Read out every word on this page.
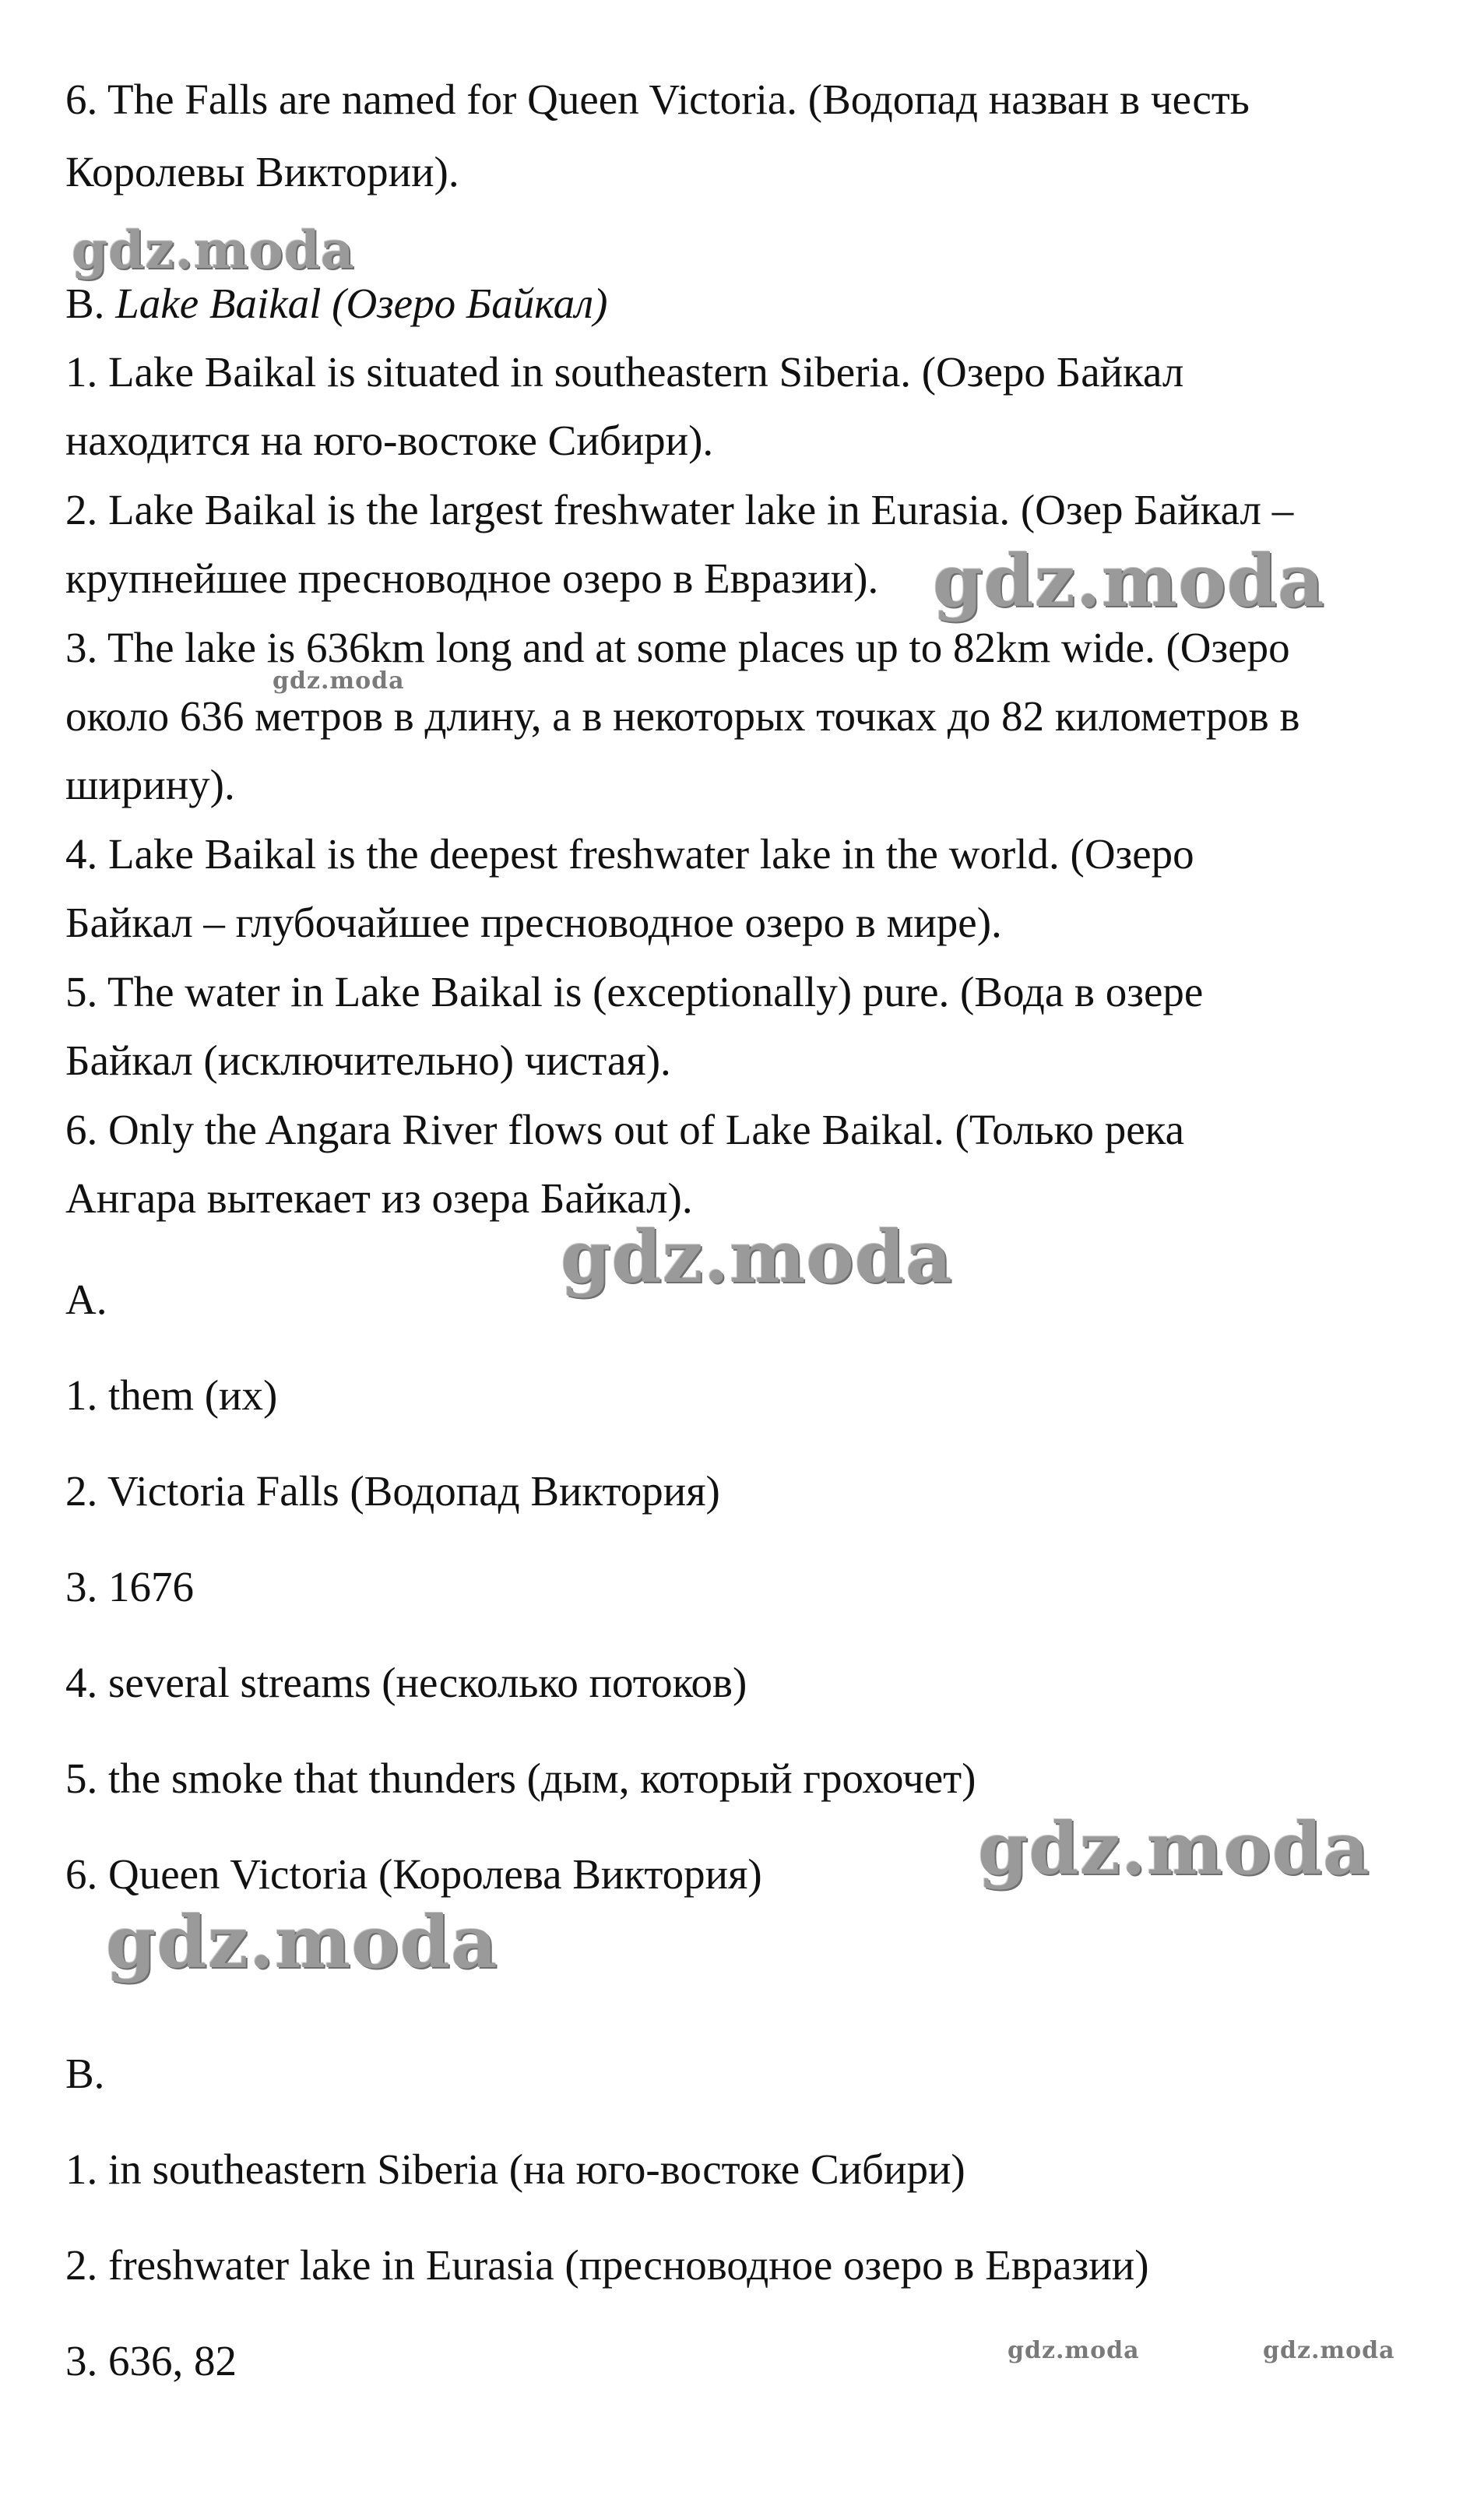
6. The Falls are named for Queen Victoria. (Водопад назван в честь
Королевы Виктории).
B. Lake Baikal (Озеро Байкал)
1. Lake Baikal is situated in southeastern Siberia. (Озеро Байкал
находится на юго-востоке Сибири).
2. Lake Baikal is the largest freshwater lake in Eurasia. (Озер Байкал –
крупнейшее пресноводное озеро в Евразии).
3. The lake is 636km long and at some places up to 82km wide. (Озеро
около 636 метров в длину, а в некоторых точках до 82 километров в
ширину).
4. Lake Baikal is the deepest freshwater lake in the world. (Озеро
Байкал – глубочайшее пресноводное озеро в мире).
5. The water in Lake Baikal is (exceptionally) pure. (Вода в озере
Байкал (исключительно) чистая).
6. Only the Angara River flows out of Lake Baikal. (Только река
Ангара вытекает из озера Байкал).
A.
1. them (их)
2. Victoria Falls (Водопад Виктория)
3. 1676
4. several streams (несколько потоков)
5. the smoke that thunders (дым, который грохочет)
6. Queen Victoria (Королева Виктория)
B.
1. in southeastern Siberia (на юго-востоке Сибири)
2. freshwater lake in Eurasia (пресноводное озеро в Евразии)
3. 636, 82
gdz.moda
gdz.moda
gdz.moda
gdz.moda
gdz.moda
gdz.moda
gdz.moda	gdz.moda
